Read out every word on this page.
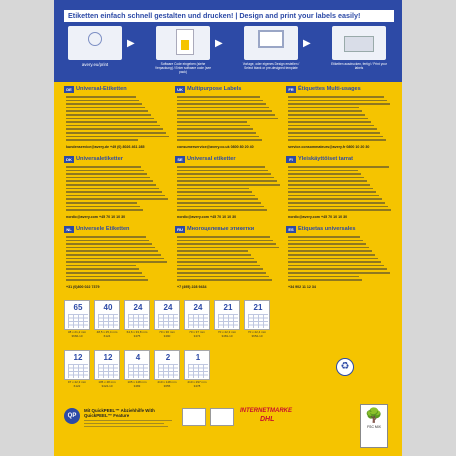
Etiketten einfach schnell gestalten und drucken! | Design and print your labels easily!
avery.eu/print
▶
Software Code eingeben (siehe Verpackung) / Enter software code (see pack)
▶
Vorlage, oder eigenes Design erstellen / Select blank or pre-designed template
▶
Etiketten ausdrucken, fertig! / Print your labels
DE Universal-Etiketten
kundenservice@avery.de +49 (0) 8026 461 285
UK Multipurpose Labels
consumerservice@avery.co.uk 0800 80 20 40
FR Étiquettes Multi-usages
service.consommateurs@avery.fr 0800 10 20 30
DK Universaletiketter
nordic@avery.com +45 70 10 10 30
SE Universal etiketter
nordic@avery.com +45 70 10 10 30
FI Yleiskäyttöiset tarrat
nordic@avery.com +45 70 10 10 30
NL Universele Etiketten
+31 (0)800 022 7379
RU Многоцелевые этикетки
+7 (495) 228 9434
ES Etiquetas universales
+34 902 11 12 34
65
38 x 21,2 mm
3666-10
40
48,5 x 25,4 mm
6124
24
64,6 x 33,8 mm
3475
24
70 x 36 mm
3490
24
70 x 37 mm
3474
21
70 x 42,3 mm
3481-10
21
70 x 42,4 mm
3652-10
12
97 x 42,3 mm
6122
12
105 x 48 mm
3424-10
4
105 x 148 mm
3483
2
210 x 148 mm
3655
1
210 x 297 mm
3478
♻
QP
Mit QuickPEEL™ Abziehhilfe With QuickPEEL™ Feature
INTERNETMARKE
DHL	🌳
FSC MIX
